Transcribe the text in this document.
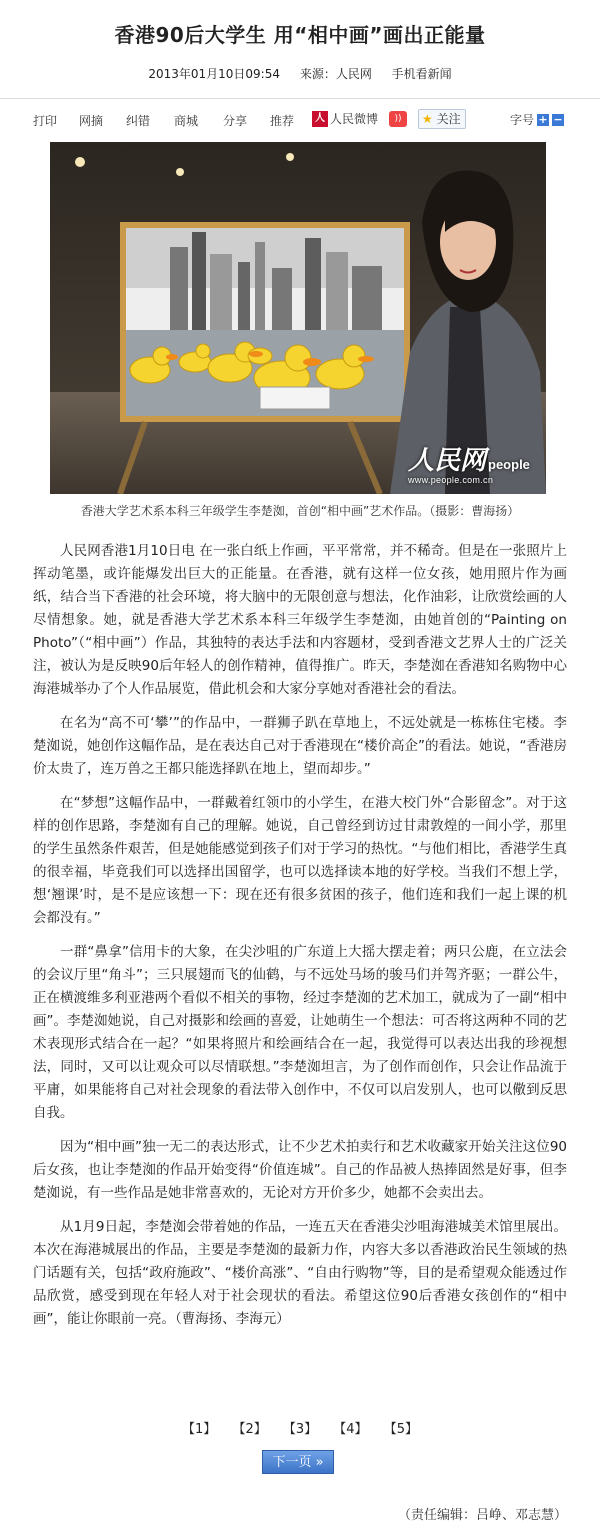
香港90后大学生 用“相中画”画出正能量
2013年01月10日09:54 来源：人民网 手机看新闻
打印 网摘 纠错 商城 分享 推荐	人 人民微博	))	★ 关注	字号 + −
人民网 people
www.people.com.cn
香港大学艺术系本科三年级学生李楚洳，首创“相中画”艺术作品。（摄影：曹海扬）

人民网香港1月10日电 在一张白纸上作画，平平常常，并不稀奇。但是在一张照片上挥动笔墨，或许能爆发出巨大的正能量。在香港，就有这样一位女孩，她用照片作为画纸，结合当下香港的社会环境，将大脑中的无限创意与想法，化作油彩，让欣赏绘画的人尽情想象。她，就是香港大学艺术系本科三年级学生李楚洳，由她首创的“Painting on Photo”（“相中画”）作品，其独特的表达手法和内容题材，受到香港文艺界人士的广泛关注，被认为是反映90后年轻人的创作精神，值得推广。昨天，李楚洳在香港知名购物中心海港城举办了个人作品展览，借此机会和大家分享她对香港社会的看法。

在名为“高不可‘攀’”的作品中，一群狮子趴在草地上，不远处就是一栋栋住宅楼。李楚洳说，她创作这幅作品，是在表达自己对于香港现在“楼价高企”的看法。她说，“香港房价太贵了，连万兽之王都只能选择趴在地上，望而却步。”

在“梦想”这幅作品中，一群戴着红领巾的小学生，在港大校门外“合影留念”。对于这样的创作思路，李楚洳有自己的理解。她说，自己曾经到访过甘肃敦煌的一间小学，那里的学生虽然条件艰苦，但是她能感觉到孩子们对于学习的热忱。“与他们相比，香港学生真的很幸福，毕竟我们可以选择出国留学，也可以选择读本地的好学校。当我们不想上学，想‘翘课’时，是不是应该想一下：现在还有很多贫困的孩子，他们连和我们一起上课的机会都没有。”

一群“鼻拿”信用卡的大象，在尖沙咀的广东道上大摇大摆走着；两只公鹿，在立法会的会议厅里“角斗”；三只展翅而飞的仙鹤，与不远处马场的骏马们并驾齐驱；一群公牛，正在横渡维多利亚港两个看似不相关的事物，经过李楚洳的艺术加工，就成为了一副“相中画”。李楚洳她说，自己对摄影和绘画的喜爱，让她萌生一个想法：可否将这两种不同的艺术表现形式结合在一起？“如果将照片和绘画结合在一起，我觉得可以表达出我的珍视想法，同时，又可以让观众可以尽情联想。”李楚洳坦言，为了创作而创作，只会让作品流于平庸，如果能将自己对社会现象的看法带入创作中，不仅可以启发别人，也可以儆到反思自我。

因为“相中画”独一无二的表达形式，让不少艺术拍卖行和艺术收藏家开始关注这位90后女孩，也让李楚洳的作品开始变得“价值连城”。自己的作品被人热捧固然是好事，但李楚洳说，有一些作品是她非常喜欢的，无论对方开价多少，她都不会卖出去。

从1月9日起，李楚洳会带着她的作品，一连五天在香港尖沙咀海港城美术馆里展出。本次在海港城展出的作品，主要是李楚洳的最新力作，内容大多以香港政治民生领域的热门话题有关，包括“政府施政”、“楼价高涨”、“自由行购物”等，目的是希望观众能透过作品欣赏，感受到现在年轻人对于社会现状的看法。希望这位90后香港女孩创作的“相中画”，能让你眼前一亮。（曹海扬、李海元）

【1】 【2】 【3】 【4】 【5】
下一页 »
（责任编辑：吕峥、邓志慧）
